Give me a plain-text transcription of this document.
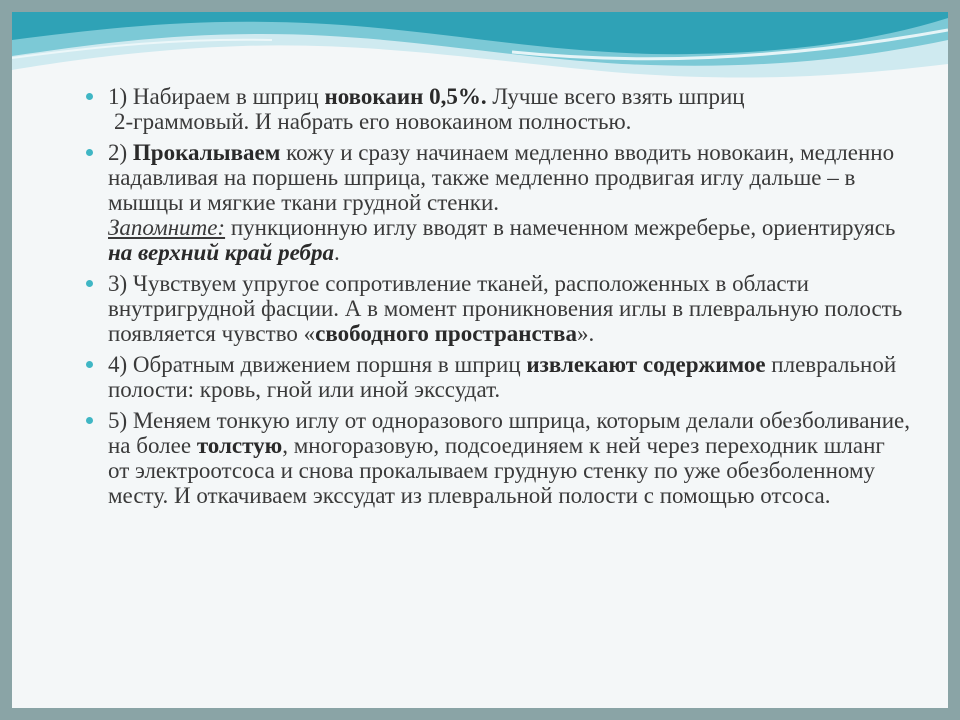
1) Набираем в шприц новокаин 0,5%. Лучше всего взять шприц
2-граммовый. И набрать его новокаином полностью.
2) Прокалываем кожу и сразу начинаем медленно вводить новокаин, медленно надавливая на поршень шприца, также медленно продвигая иглу дальше – в мышцы и мягкие ткани грудной стенки.
Запомните: пункционную иглу вводят в намеченном межреберье, ориентируясь на верхний край ребра.
3) Чувствуем упругое сопротивление тканей, расположенных в области внутригрудной фасции. А в момент проникновения иглы в плевральную полость появляется чувство «свободного пространства».
4) Обратным движением поршня в шприц извлекают содержимое плевральной полости: кровь, гной или иной экссудат.
5) Меняем тонкую иглу от одноразового шприца, которым делали обезболивание, на более толстую, многоразовую, подсоединяем к ней через переходник шланг от электроотсоса и снова прокалываем грудную стенку по уже обезболенному месту. И откачиваем экссудат из плевральной полости с помощью отсоса.
